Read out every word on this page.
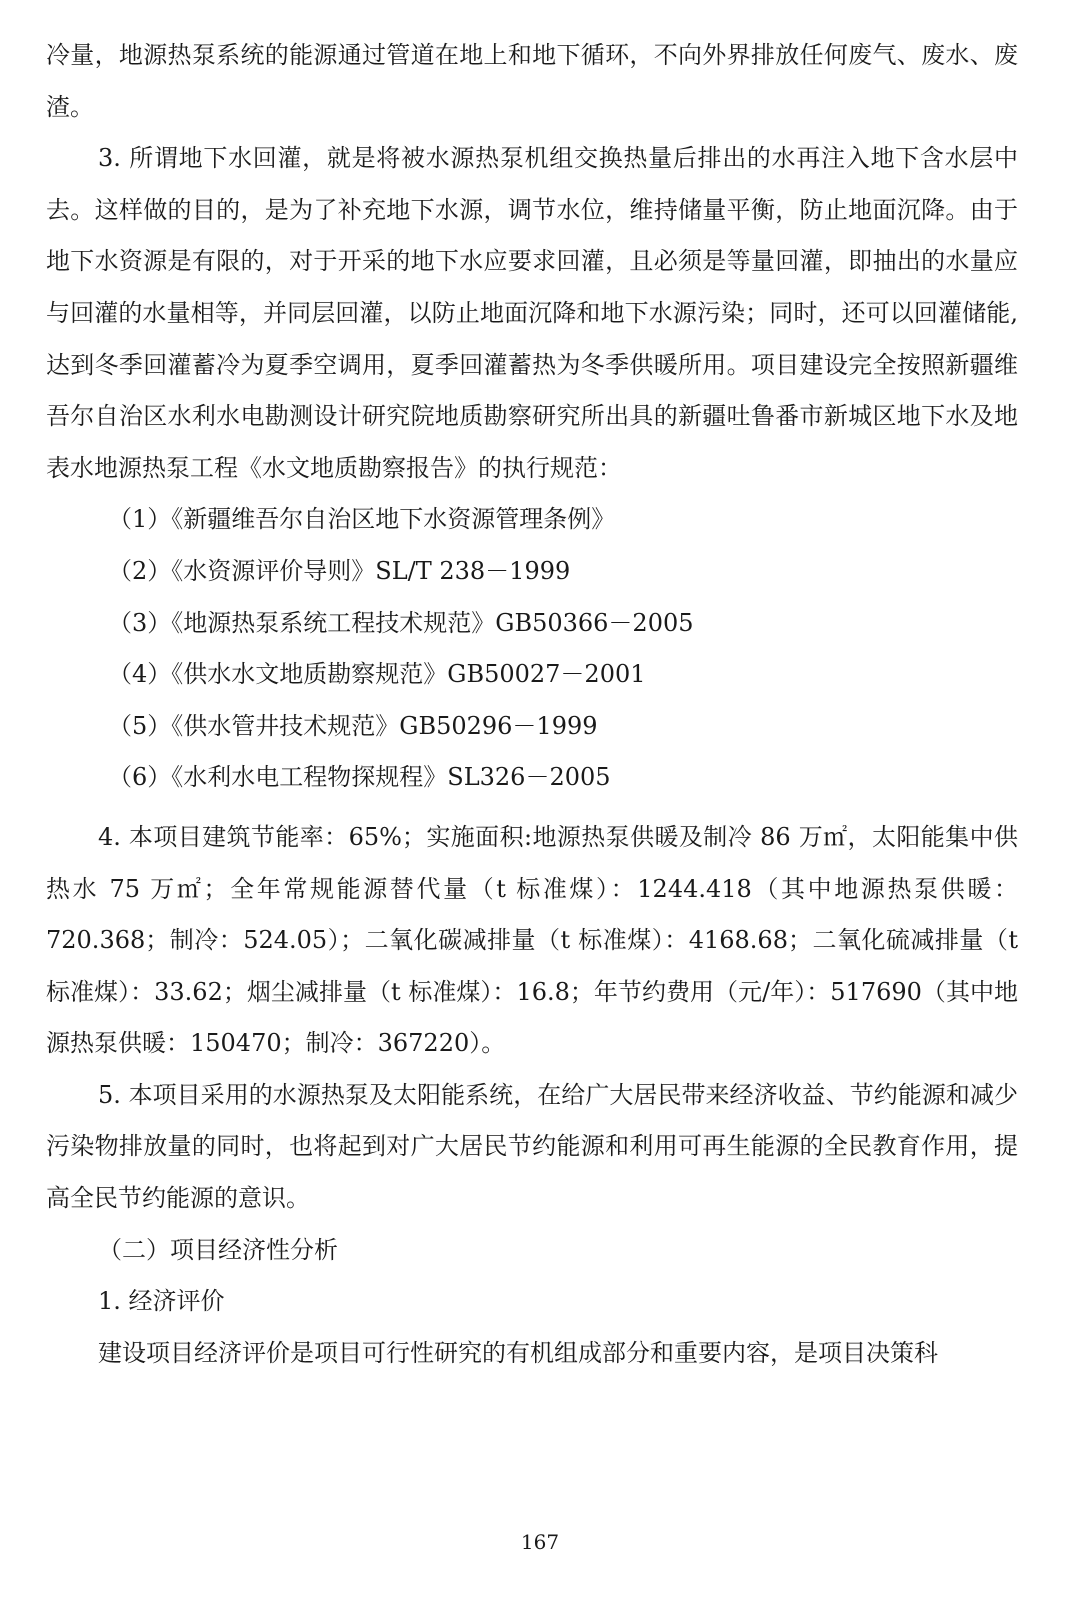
冷量，地源热泵系统的能源通过管道在地上和地下循环，不向外界排放任何废气、废水、废渣。

3. 所谓地下水回灌，就是将被水源热泵机组交换热量后排出的水再注入地下含水层中去。这样做的目的，是为了补充地下水源，调节水位，维持储量平衡，防止地面沉降。由于地下水资源是有限的，对于开采的地下水应要求回灌，且必须是等量回灌，即抽出的水量应与回灌的水量相等，并同层回灌，以防止地面沉降和地下水源污染；同时，还可以回灌储能,达到冬季回灌蓄冷为夏季空调用，夏季回灌蓄热为冬季供暖所用。项目建设完全按照新疆维吾尔自治区水利水电勘测设计研究院地质勘察研究所出具的新疆吐鲁番市新城区地下水及地表水地源热泵工程《水文地质勘察报告》的执行规范：

（1）《新疆维吾尔自治区地下水资源管理条例》

（2）《水资源评价导则》SL/T 238－1999

（3）《地源热泵系统工程技术规范》GB50366－2005

（4）《供水水文地质勘察规范》GB50027－2001

（5）《供水管井技术规范》GB50296－1999

（6）《水利水电工程物探规程》SL326－2005

4. 本项目建筑节能率：65%；实施面积:地源热泵供暖及制冷 86 万㎡，太阳能集中供热水 75 万㎡；全年常规能源替代量（t 标准煤）：1244.418（其中地源热泵供暖：720.368；制冷：524.05）；二氧化碳减排量（t 标准煤）：4168.68；二氧化硫减排量（t 标准煤）：33.62；烟尘减排量（t 标准煤）：16.8；年节约费用（元/年）：517690（其中地源热泵供暖：150470；制冷：367220）。

5. 本项目采用的水源热泵及太阳能系统，在给广大居民带来经济收益、节约能源和减少污染物排放量的同时，也将起到对广大居民节约能源和利用可再生能源的全民教育作用，提高全民节约能源的意识。

（二）项目经济性分析

1. 经济评价

建设项目经济评价是项目可行性研究的有机组成部分和重要内容，是项目决策科

167
